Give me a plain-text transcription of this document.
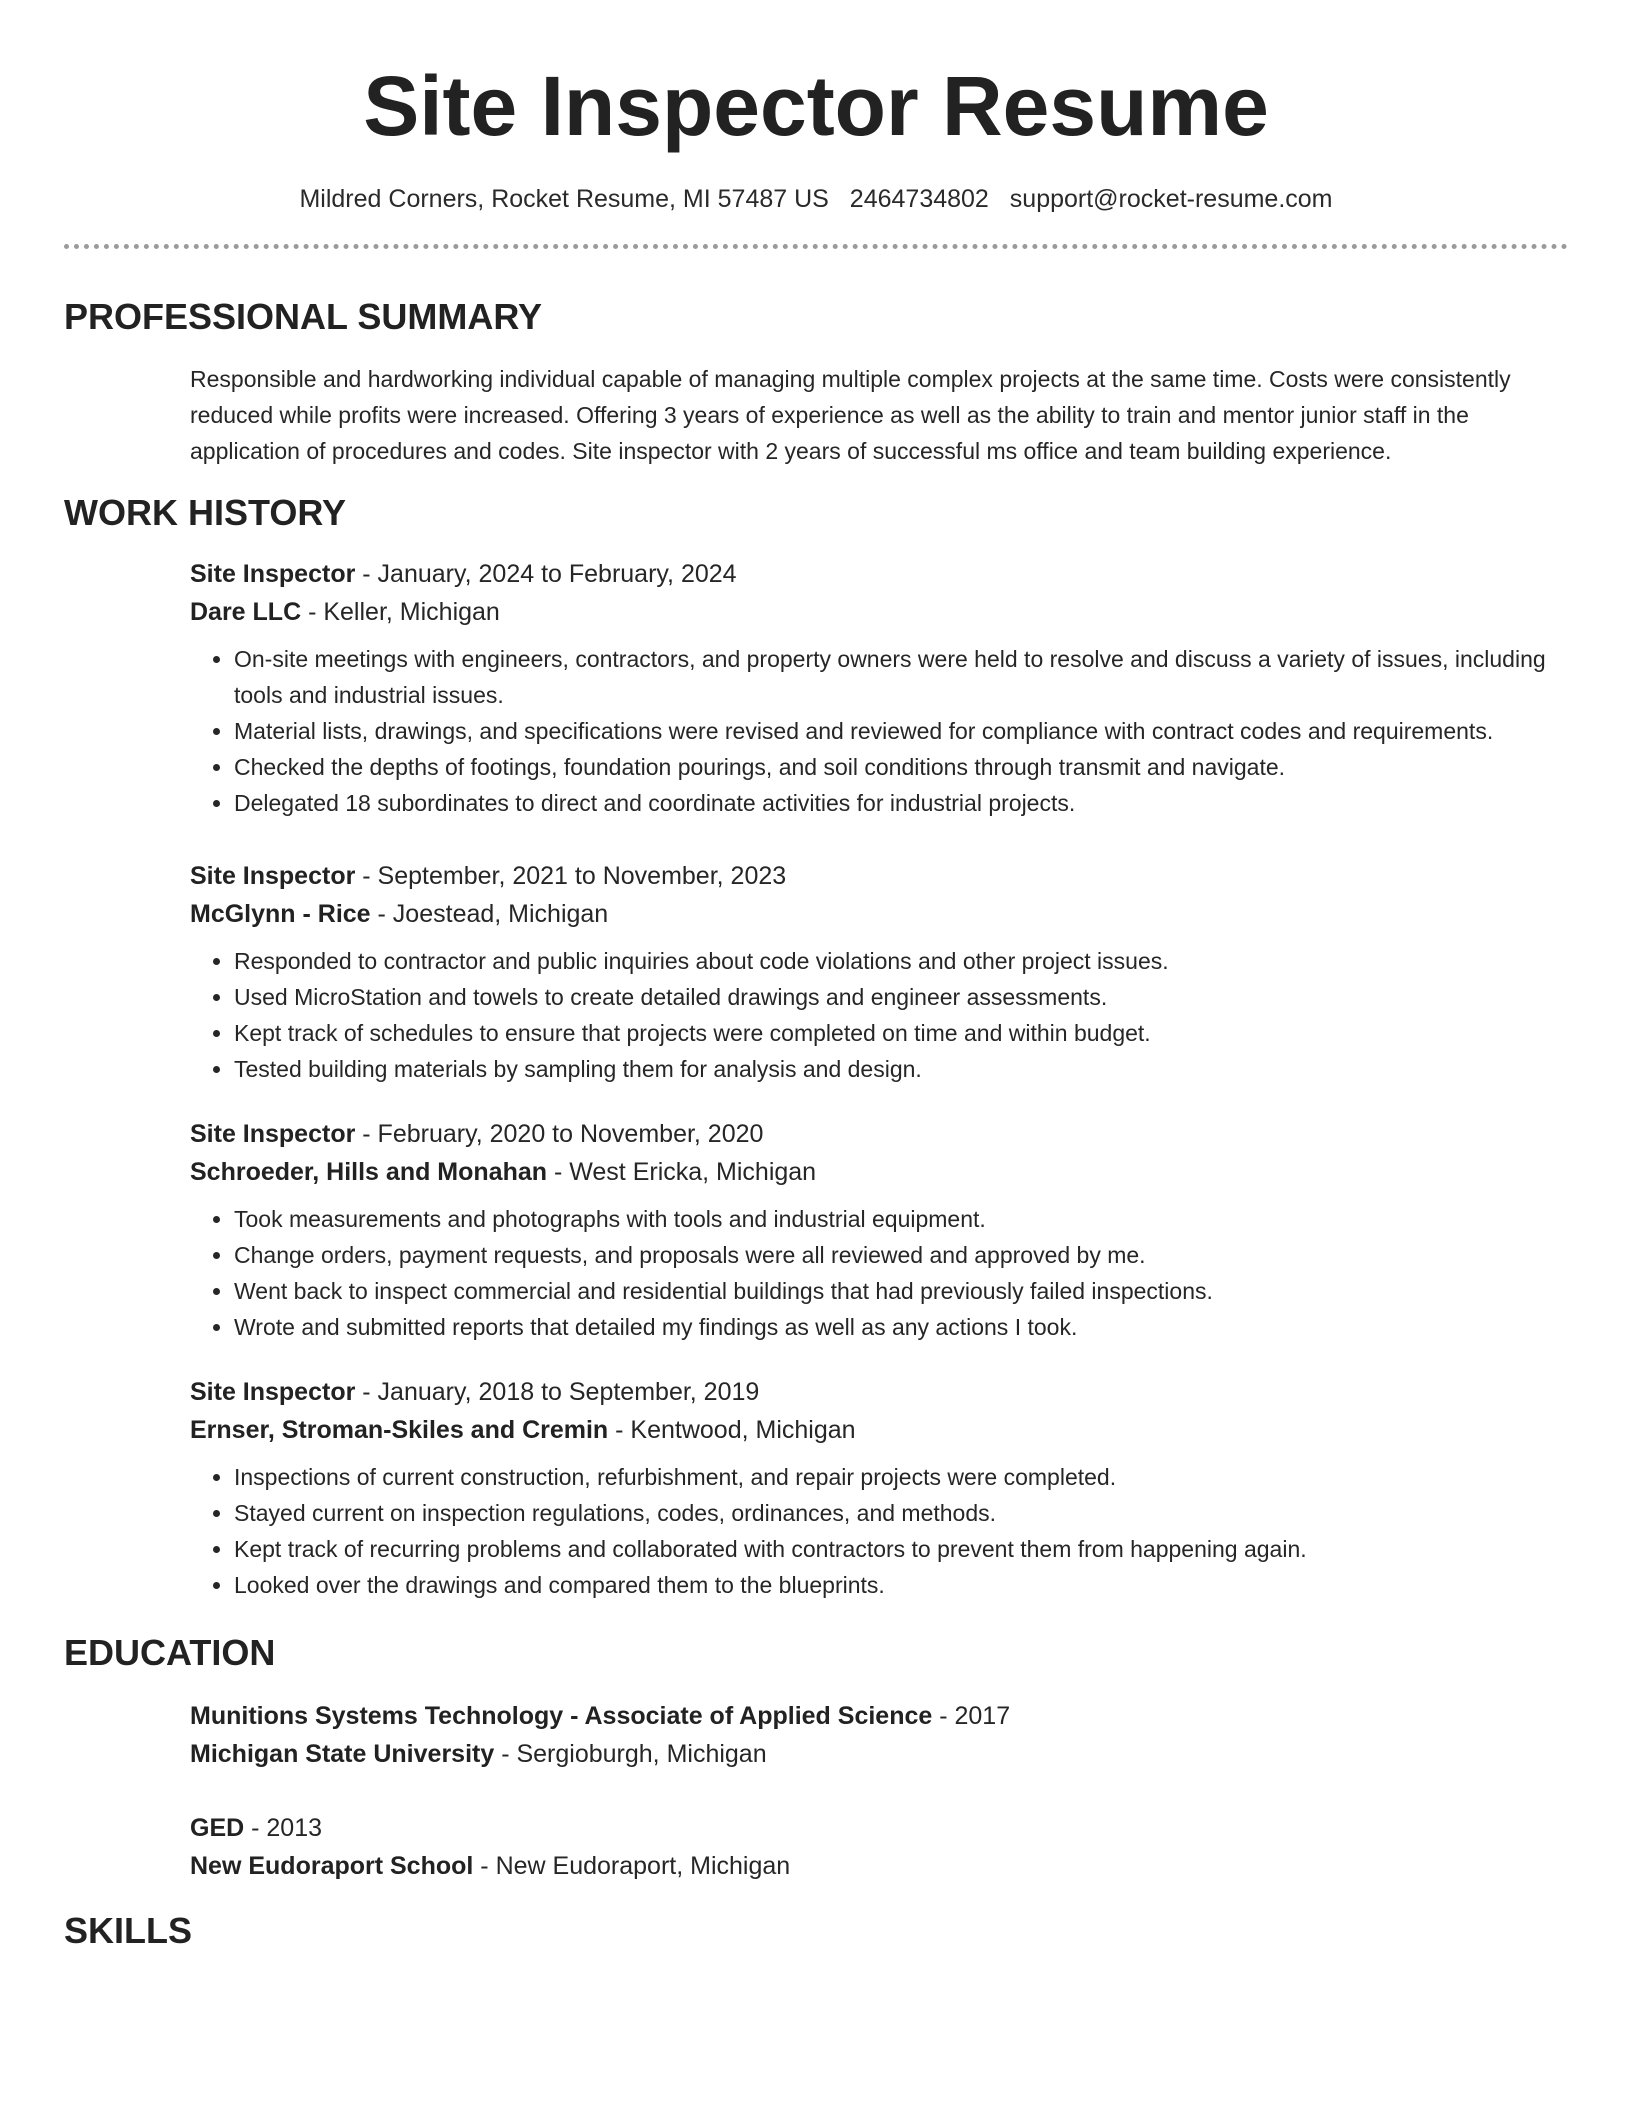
Site Inspector Resume
Mildred Corners, Rocket Resume, MI 57487 US 2464734802 support@rocket-resume.com
PROFESSIONAL SUMMARY
Responsible and hardworking individual capable of managing multiple complex projects at the same time. Costs were consistently reduced while profits were increased. Offering 3 years of experience as well as the ability to train and mentor junior staff in the application of procedures and codes. Site inspector with 2 years of successful ms office and team building experience.
WORK HISTORY
Site Inspector - January, 2024 to February, 2024
Dare LLC - Keller, Michigan
• On-site meetings with engineers, contractors, and property owners were held to resolve and discuss a variety of issues, including tools and industrial issues.
• Material lists, drawings, and specifications were revised and reviewed for compliance with contract codes and requirements.
• Checked the depths of footings, foundation pourings, and soil conditions through transmit and navigate.
• Delegated 18 subordinates to direct and coordinate activities for industrial projects.
Site Inspector - September, 2021 to November, 2023
McGlynn - Rice - Joestead, Michigan
• Responded to contractor and public inquiries about code violations and other project issues.
• Used MicroStation and towels to create detailed drawings and engineer assessments.
• Kept track of schedules to ensure that projects were completed on time and within budget.
• Tested building materials by sampling them for analysis and design.
Site Inspector - February, 2020 to November, 2020
Schroeder, Hills and Monahan - West Ericka, Michigan
• Took measurements and photographs with tools and industrial equipment.
• Change orders, payment requests, and proposals were all reviewed and approved by me.
• Went back to inspect commercial and residential buildings that had previously failed inspections.
• Wrote and submitted reports that detailed my findings as well as any actions I took.
Site Inspector - January, 2018 to September, 2019
Ernser, Stroman-Skiles and Cremin - Kentwood, Michigan
• Inspections of current construction, refurbishment, and repair projects were completed.
• Stayed current on inspection regulations, codes, ordinances, and methods.
• Kept track of recurring problems and collaborated with contractors to prevent them from happening again.
• Looked over the drawings and compared them to the blueprints.
EDUCATION
Munitions Systems Technology - Associate of Applied Science - 2017
Michigan State University - Sergioburgh, Michigan
GED - 2013
New Eudoraport School - New Eudoraport, Michigan
SKILLS
